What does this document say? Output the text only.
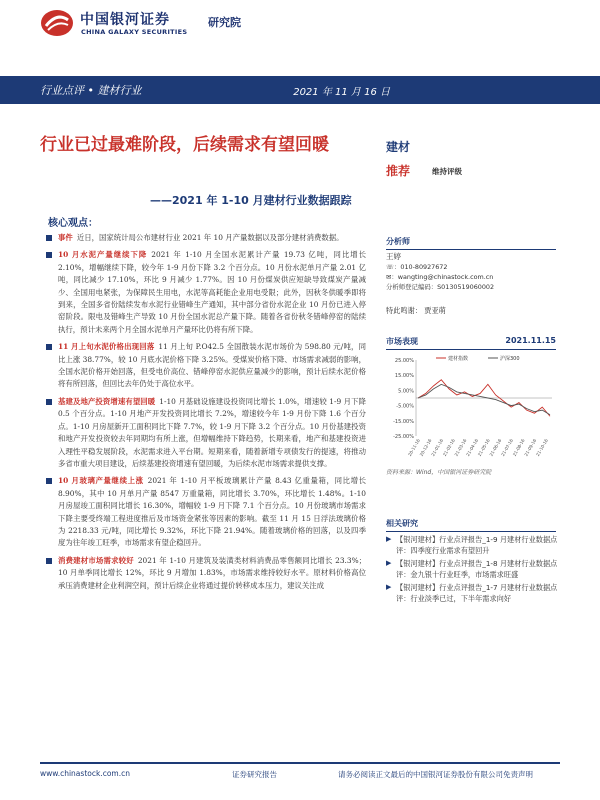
中国银河证券
CHINA GALAXY SECURITIES
研究院
行业点评 • 建材行业	2021 年 11 月 16 日
行业已过最难阶段，后续需求有望回暖
——2021 年 1-10 月建材行业数据跟踪
核心观点：
事件 近日，国家统计局公布建材行业 2021 年 10 月产量数据以及部分建材消费数据。
10 月水泥产量继续下降 2021 年 1-10 月全国水泥累计产量 19.73 亿吨，同比增长 2.10%，增幅继续下降，较今年 1-9 月份下降 3.2 个百分点。10 月份水泥单月产量 2.01 亿吨，同比减少 17.10%，环比 9 月减少 1.77%。因 10 月份煤炭供应短缺导致煤炭产量减少、全国用电紧张，为保障民生用电，水泥等高耗能企业用电受限；此外，因秋冬供暖季即将到来，全国多省份陆续发布水泥行业错峰生产通知，其中部分省份水泥企业 10 月份已进入停窑阶段。限电及错峰生产导致 10 月份全国水泥总产量下降。随着各省份秋冬错峰停窑的陆续执行，预计未来两个月全国水泥单月产量环比仍将有所下降。
11 月上旬水泥价格出现回落 11 月上旬 P.O42.5 全国散装水泥市场价为 598.80 元/吨，同比上涨 38.77%，较 10 月底水泥价格下降 3.25%。受煤炭价格下降、市场需求减弱的影响，全国水泥价格开始回落，但受电价高位、错峰停窑水泥供应量减少的影响，预计后续水泥价格将有所回落，但回比去年仍处于高位水平。
基建及地产投资增速有望回暖 1-10 月基础设施建设投资同比增长 1.0%，增速较 1-9 月下降 0.5 个百分点。1-10 月地产开发投资同比增长 7.2%，增速较今年 1-9 月份下降 1.6 个百分点。1-10 月房屋新开工面积同比下降 7.7%，较 1-9 月下降 3.2 个百分点。10 月份基建投资和地产开发投资较去年同期均有所上涨，但增幅维持下降趋势，长期来看，地产和基建投资进入理性平稳发展阶段，水泥需求进入平台期。短期来看，随着新增专项债发行的提速，将推动多省市重大项目建设，后续基建投资增速有望回暖，为后续水泥市场需求提供支撑。
10 月玻璃产量继续上涨 2021 年 1-10 月平板玻璃累计产量 8.43 亿重量箱，同比增长 8.90%，其中 10 月单月产量 8547 万重量箱，同比增长 3.70%，环比增长 1.48%。1-10 月房屋竣工面积同比增长 16.30%，增幅较 1-9 月下降 7.1 个百分点。10 月份玻璃市场需求下降主要受终端工程进度推后及市场资金紧张等因素的影响。截至 11 月 15 日浮法玻璃价格为 2218.33 元/吨，同比增长 9.32%，环比下降 21.94%。随着玻璃价格的回落，以及四季度为往年竣工旺季，市场需求有望企稳回升。
消费建材市场需求较好 2021 年 1-10 月建筑及装潢类材料消费品零售额同比增长 23.3%；10 月单季同比增长 12%，环比 9 月增加 1.83%，市场需求维持较好水平。原材料价格高位承压消费建材企业利润空间，预计后续企业将通过提价转移成本压力，建议关注成
建材
推荐	维持评级
分析师
王婷
☏：010-80927672
✉：wangting@chinastock.com.cn
分析师登记编码：S0130519060002
特此鸣谢： 贾亚萌
市场表现	2021.11.15
25.00%
15.00%
5.00%
-5.00%
-15.00%
-25.00%
20-11-16
20-12-16
21-01-16
21-02-16
21-03-16
21-04-16
21-05-16
21-06-16
21-07-16
21-08-16
21-09-16
21-10-16
建材指数	沪深300
资料来源：Wind，中国银河证券研究院
相关研究
▶ 【银河建材】行业点评报告_1-9 月建材行业数据点评：四季度行业需求有望回升
▶ 【银河建材】行业点评报告_1-8 月建材行业数据点评：金九银十行业旺季，市场需求旺盛
▶ 【银河建材】行业点评报告_1-7 月建材行业数据点评：行业淡季已过，下半年需求向好
www.chinastock.com.cn	证券研究报告	请务必阅读正文最后的中国银河证券股份有限公司免责声明
